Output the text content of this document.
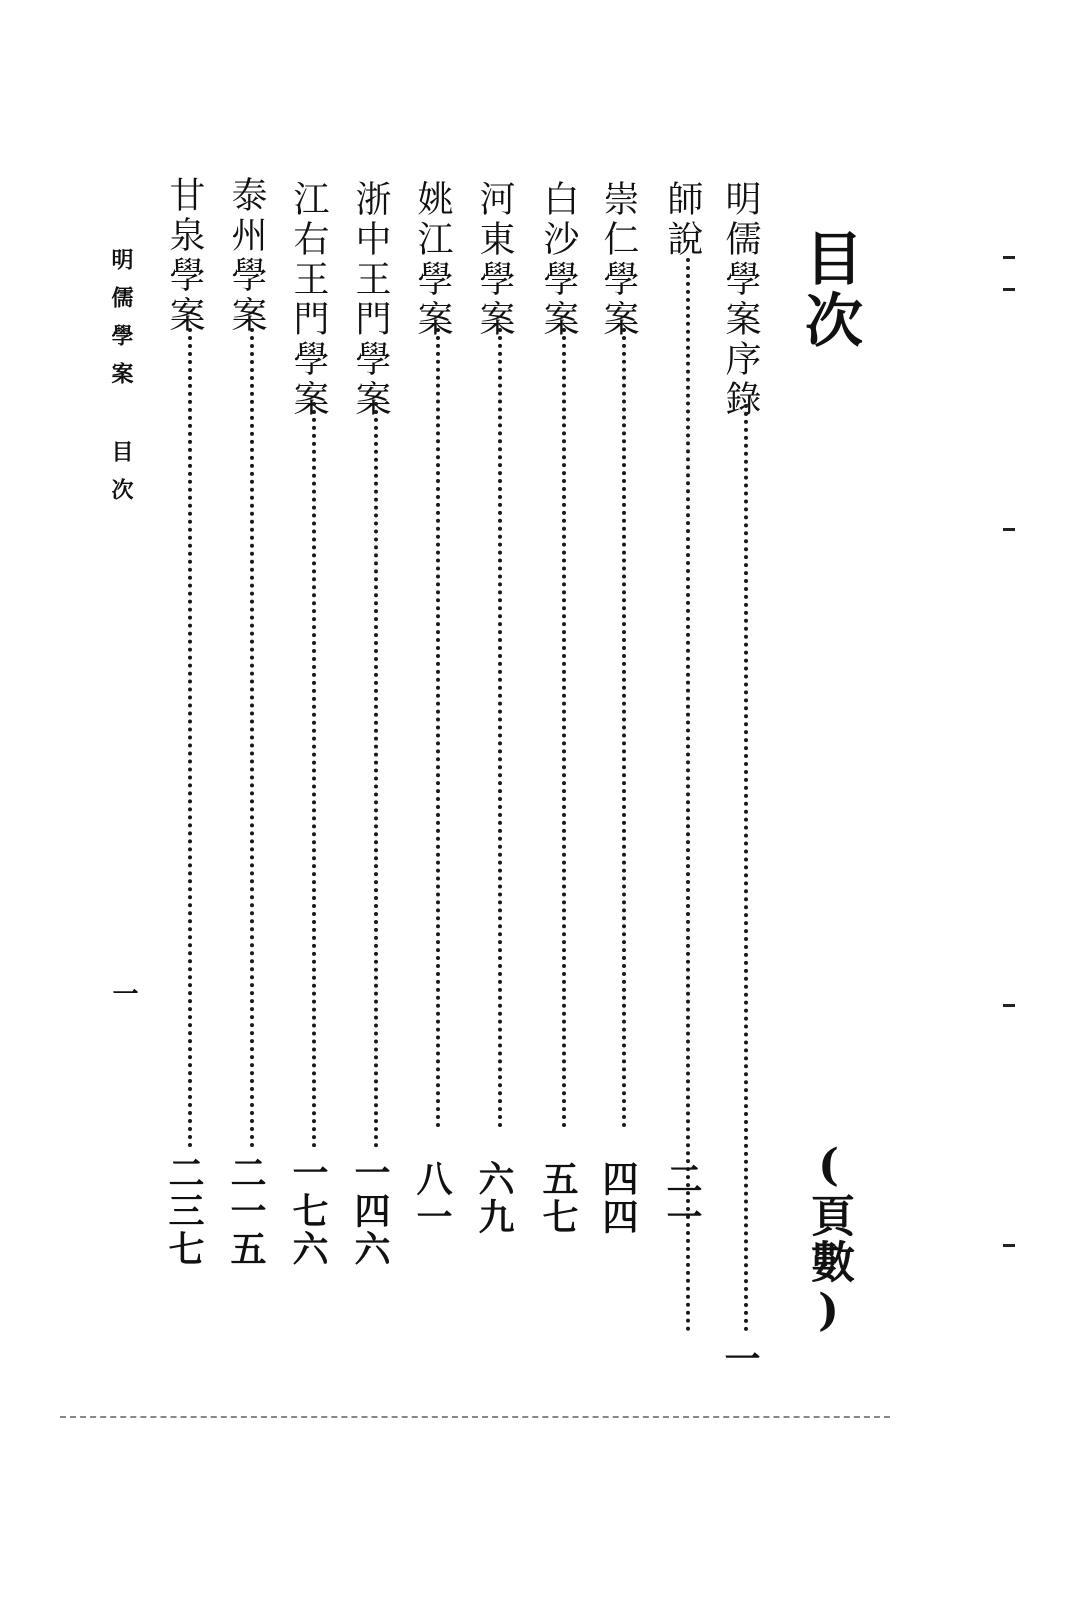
目次
(頁數)
明儒學案序錄
一
師說
二一
崇仁學案
四四
白沙學案
五七
河東學案
六九
姚江學案
八一
浙中王門學案
一四六
江右王門學案
一七六
泰州學案
二一五
甘泉學案
二三七
明儒學案目次
一
